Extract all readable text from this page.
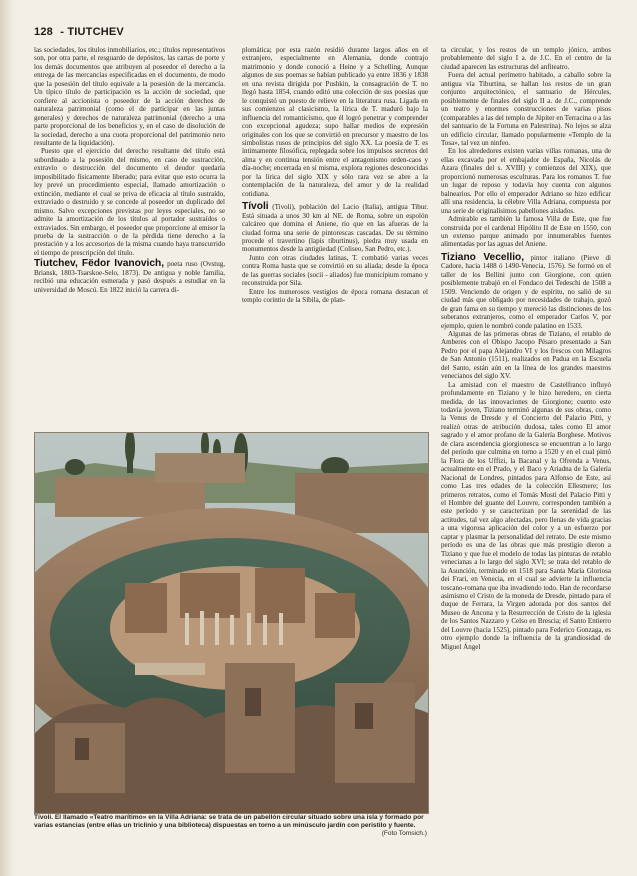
128 - TIUTCHEV

las sociedades, los títulos inmobiliarios, etc.; títulos representativos son, por otra parte, el resguardo de depósitos, las cartas de porte y los demás documentos que atribuyen al poseedor el derecho a la entrega de las mercancías especificadas en el documento, de modo que la posesión del título equivale a la posesión de la mercancía. Un típico título de participación es la acción de sociedad, que confiere al accionista o poseedor de la acción derechos de naturaleza patrimonial (como el de participar en las juntas generales) y derechos de naturaleza patrimonial (derecho a una parte proporcional de los beneficios y, en el caso de disolución de la sociedad, derecho a una cuota proporcional del patrimonio neto resultante de la liquidación).

Puesto que el ejercicio del derecho resultante del título está subordinado a la posesión del mismo, en caso de sustracción, extravío o destrucción del documento el deudor quedaría imposibilitado físicamente liberado; para evitar que esto ocurra la ley prevé un procedimiento especial, llamado amortización o extinción, mediante el cual se priva de eficacia al título sustraído, extraviado o destruido y se concede al poseedor un duplicado del mismo. Salvo excepciones previstas por leyes especiales, no se admite la amortización de los títulos al portador sustraídos o extraviados. Sin embargo, el poseedor que proporcione al emisor la prueba de la sustracción o de la pérdida tiene derecho a la prestación y a los accesorios de la misma cuando haya transcurrido el tiempo de prescripción del título.

Tiutchev, Fëdor Ivanovich, poeta ruso (Ovstug, Briansk, 1803-Tsarskoe-Selo, 1873). De antigua y noble familia, recibió una educación esmerada y pasó después a estudiar en la universidad de Moscú. En 1822 inició la carrera di-

plomática; por esta razón residió durante largos años en el extranjero, especialmente en Alemania, donde contrajo matrimonio y donde conoció a Heine y a Schelling. Aunque algunos de sus poemas se habían publicado ya entre 1836 y 1838 en una revista dirigida por Pushkin, la consagración de T. no llegó hasta 1854, cuando editó una colección de sus poesías que le conquistó un puesto de relieve en la literatura rusa. Ligada en sus comienzos al clasicismo, la lírica de T. maduró bajo la influencia del romanticismo, que él logró penetrar y comprender con excepcional agudeza; supo hallar medios de expresión originales con los que se convirtió en precursor y maestro de los simbolistas rusos de principios del siglo XX. La poesía de T. es íntimamente filosófica, replegada sobre los impulsos secretos del alma y en continua tensión entre el antagonismo orden-caos y día-noche; encerrada en sí misma, explora regiones desconocidas por la lírica del siglo XIX y sólo rara vez se abre a la contemplación de la naturaleza, del amor y de la realidad cotidiana.

Tívoli (Tivoli), población del Lacio (Italia), antigua Tibur. Está situada a unos 30 km al NE. de Roma, sobre un espolón calcáreo que domina el Aniene, río que en las afueras de la ciudad forma una serie de pintorescas cascadas. De su término procede el travertino (lapis tiburtinus), piedra muy usada en monumentos desde la antigüedad (Coliseo, San Pedro, etc.).

Junto con otras ciudades latinas, T. combatió varias veces contra Roma hasta que se convirtió en su aliada; desde la época de las guerras sociales (socii - aliados) fue municipium romano y reconstruida por Sila.

Entre los numerosos vestigios de época romana destacan el templo corintio de la Sibila, de plan-

ta circular, y los restos de un templo jónico, ambos probablemente del siglo I a. de J.C. En el centro de la ciudad aparecen las estructuras del anfiteatro.

Fuera del actual perímetro habitado, a caballo sobre la antigua vía Tiburtina, se hallan los restos de un gran conjunto arquitectónico, el santuario de Hércules, posiblemente de finales del siglo II a. de J.C., comprende un teatro y enormes construcciones de varias pisos (comparables a las del templo de Júpiter en Terracina o a las del santuario de la Fortuna en Palestrina). No lejos se alza un edificio circular, llamado popularmente «Templo de la Tosa», tal vez un ninfeo.

En los alrededores existen varias villas romanas, una de ellas excavada por el embajador de España, Nicolás de Azara (finales del s. XVIII) y comienzos del XIX), que proporcionó numerosas esculturas. Para los romanos T. fue un lugar de reposo y todavía hoy cuenta con algunos balnearios. Por ello el emperador Adriano se hizo edificar allí una residencia, la célebre Villa Adriana, compuesta por una serie de originalísimos pabellones aislados.

Admirable es también la famosa Villa de Este, que fue construida por el cardenal Hipólito II de Este en 1550, con un extenso parque animado por innumerables fuentes alimentadas por las aguas del Aniene.

Tiziano Vecellio, pintor italiano (Pieve di Cadore, hacia 1488 ó 1490-Venecia, 1576). Se formó en el taller de los Bellini junto con Giorgione, con quien posiblemente trabajó en el Fondaco dei Tedeschi de 1508 a 1509. Venciendo de origen y de espíritu, no salió de su ciudad más que obligado por necesidades de trabajo, gozó de gran fama en su tiempo y mereció las distinciones de los soberanos extranjeros, como el emperador Carlos V, por ejemplo, quien le nombró conde palatino en 1533.

Algunas de las primeras obras de Tiziano, el retablo de Amberes con el Obispo Jacopo Pésaro presentado a San Pedro por el papa Alejandro VI y los frescos con Milagros de San Antonio (1511), realizados en Padua en la Escuela del Santo, están aún en la línea de los grandes maestros venecianos del siglo XV.

La amistad con el maestro de Castelfranco influyó profundamente en Tiziano y le hizo heredero, en cierta medida, de las innovaciones de Giorgione; cuento este todavía joven, Tiziano terminó algunas de sus obras, como la Venus de Dresde y el Concierto del Palacio Pitti, y realizó otras de atribución dudosa, tales como El amor sagrado y el amor profano de la Galería Borghese. Motivos de clara ascendencia giorgionesca se encuentran a lo largo del período que culmina en torno a 1520 y en el cual pintó la Flora de los Uffizi, la Bacanal y la Ofrenda a Venus, actualmente en el Prado, y el Baco y Ariadna de la Galería Nacional de Londres, pintados para Alfonso de Este, así como Las tres edades de la colección Ellesmere; los primeros retratos, como el Tomás Mosti del Palacio Pitti y el Hombre del guante del Louvre, corresponden también a este período y se caracterizan por la serenidad de las actitudes, tal vez algo afectadas, pero llenas de vida gracias a una vigorosa aplicación del color y a un esfuerzo por captar y plasmar la personalidad del retrato. De este mismo período es una de las obras que más prestigio dieron a Tiziano y que fue el modelo de todas las pinturas de retablo venecianas a lo largo del siglo XVI; se trata del retablo de la Asunción, terminado en 1518 para Santa María Gloriosa dei Frari, en Venecia, en el cual se advierte la influencia toscano-romana que iba invadiendo todo. Han de recordarse asimismo el Cristo de la moneda de Dresde, pintado para el duque de Ferrara, la Virgen adorada por dos santos del Museo de Ancona y la Resurrección de Cristo de la iglesia de los Santos Nazzaro y Celso en Brescia; el Santo Entierro del Louvre (hacia 1525), pintado para Federico Gonzaga, es otro ejemplo donde la influencia de la grandiosidad de Miguel Ángel

Tívoli. El llamado «Teatro marítimo» en la Villa Adriana: se trata de un pabellón circular situado sobre una isla y formado por varias estancias (entre ellas un triclinio y una biblioteca) dispuestas en torno a un minúsculo jardín con peristilo y fuente.
(Foto Tomsich.)
